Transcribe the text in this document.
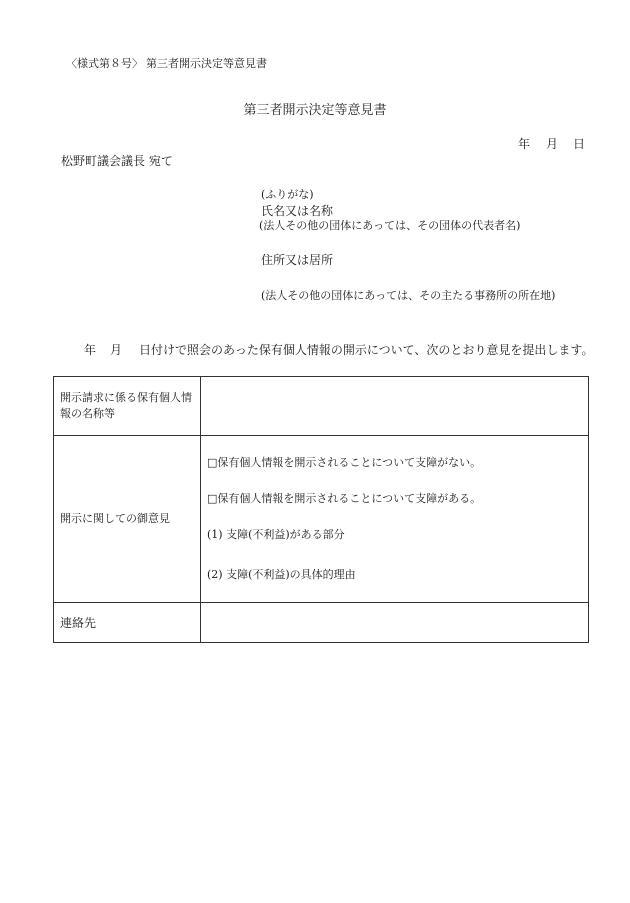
〈様式第８号〉 第三者開示決定等意見書
第三者開示決定等意見書
年 月 日
松野町議会議長 宛て
(ふりがな)
氏名又は名称
(法人その他の団体にあっては、その団体の代表者名)
住所又は居所
(法人その他の団体にあっては、その主たる事務所の所在地)
年 月 日付けで照会のあった保有個人情報の開示について、次のとおり意見を提出します。
開示請求に係る保有個人情報の名称等	
開示に関しての御意見	□保有個人情報を開示されることについて支障がない。
□保有個人情報を開示されることについて支障がある。
(1) 支障(不利益)がある部分
(2) 支障(不利益)の具体的理由

連絡先	
